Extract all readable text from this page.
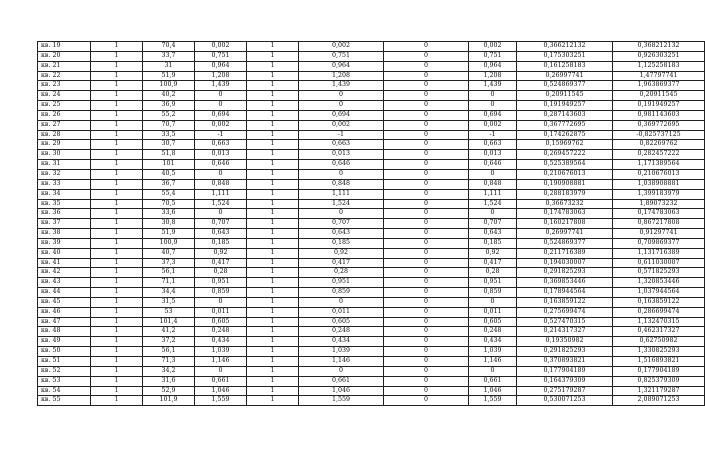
кв. 19	1	70,4	0,002	1	0,002	0	0,002	0,366212132	0,368212132
кв. 20	1	33,7	0,751	1	0,751	0	0,751	0,175303251	0,926303251
кв. 21	1	31	0,964	1	0,964	0	0,964	0,161258183	1,125258183
кв. 22	1	51,9	1,208	1	1,208	0	1,208	0,26997741	1,47797741
кв. 23	1	100,9	1,439	1	1,439	0	1,439	0,524869377	1,963869377
кв. 24	1	40,2	0	1	0	0	0	0,20911545	0,20911545
кв. 25	1	36,9	0	1	0	0	0	0,191949257	0,191949257
кв. 26	1	55,2	0,694	1	0,694	0	0,694	0,287143603	0,981143603
кв. 27	1	70,7	0,002	1	0,002	0	0,002	0,367772695	0,369772695
кв. 28	1	33,5	-1	1	-1	0	-1	0,174262875	-0,825737125
кв. 29	1	30,7	0,663	1	0,663	0	0,663	0,15969762	0,82269762
кв. 30	1	51,8	0,013	1	0,013	0	0,013	0,269457222	0,282457222
кв. 31	1	101	0,646	1	0,646	0	0,646	0,525389564	1,171389564
кв. 32	1	40,5	0	1	0	0	0	0,210676013	0,210676013
кв. 33	1	36,7	0,848	1	0,848	0	0,848	0,190908881	1,038908881
кв. 34	1	55,4	1,111	1	1,111	0	1,111	0,288183979	1,399183979
кв. 35	1	70,5	1,524	1	1,524	0	1,524	0,36673232	1,89073232
кв. 36	1	33,6	0	1	0	0	0	0,174783063	0,174783063
кв. 37	1	30,8	0,707	1	0,707	0	0,707	0,160217808	0,867217808
кв. 38	1	51,9	0,643	1	0,643	0	0,643	0,26997741	0,91297741
кв. 39	1	100,9	0,185	1	0,185	0	0,185	0,524869377	0,709869377
кв. 40	1	40,7	0,92	1	0,92	0	0,92	0,211716389	1,131716389
кв. 41	1	37,3	0,417	1	0,417	0	0,417	0,194030007	0,611030007
кв. 42	1	56,1	0,28	1	0,28	0	0,28	0,291825293	0,571825293
кв. 43	1	71,1	0,951	1	0,951	0	0,951	0,369853446	1,320853446
кв. 44	1	34,4	0,859	1	0,859	0	0,859	0,178944564	1,037944564
кв. 45	1	31,5	0	1	0	0	0	0,163859122	0,163859122
кв. 46	1	53	0,011	1	0,011	0	0,011	0,275699474	0,286699474
кв. 47	1	101,4	0,605	1	0,605	0	0,605	0,527470315	1,132470315
кв. 48	1	41,2	0,248	1	0,248	0	0,248	0,214317327	0,462317327
кв. 49	1	37,2	0,434	1	0,434	0	0,434	0,19350982	0,62750982
кв. 50	1	56,1	1,039	1	1,039	0	1,039	0,291825293	1,330825293
кв. 51	1	71,3	1,146	1	1,146	0	1,146	0,370893821	1,516893821
кв. 52	1	34,2	0	1	0	0	0	0,177904189	0,177904189
кв. 53	1	31,6	0,661	1	0,661	0	0,661	0,164379309	0,825379309
кв. 54	1	52,9	1,046	1	1,046	0	1,046	0,275179287	1,321179287
кв. 55	1	101,9	1,559	1	1,559	0	1,559	0,530071253	2,089071253
